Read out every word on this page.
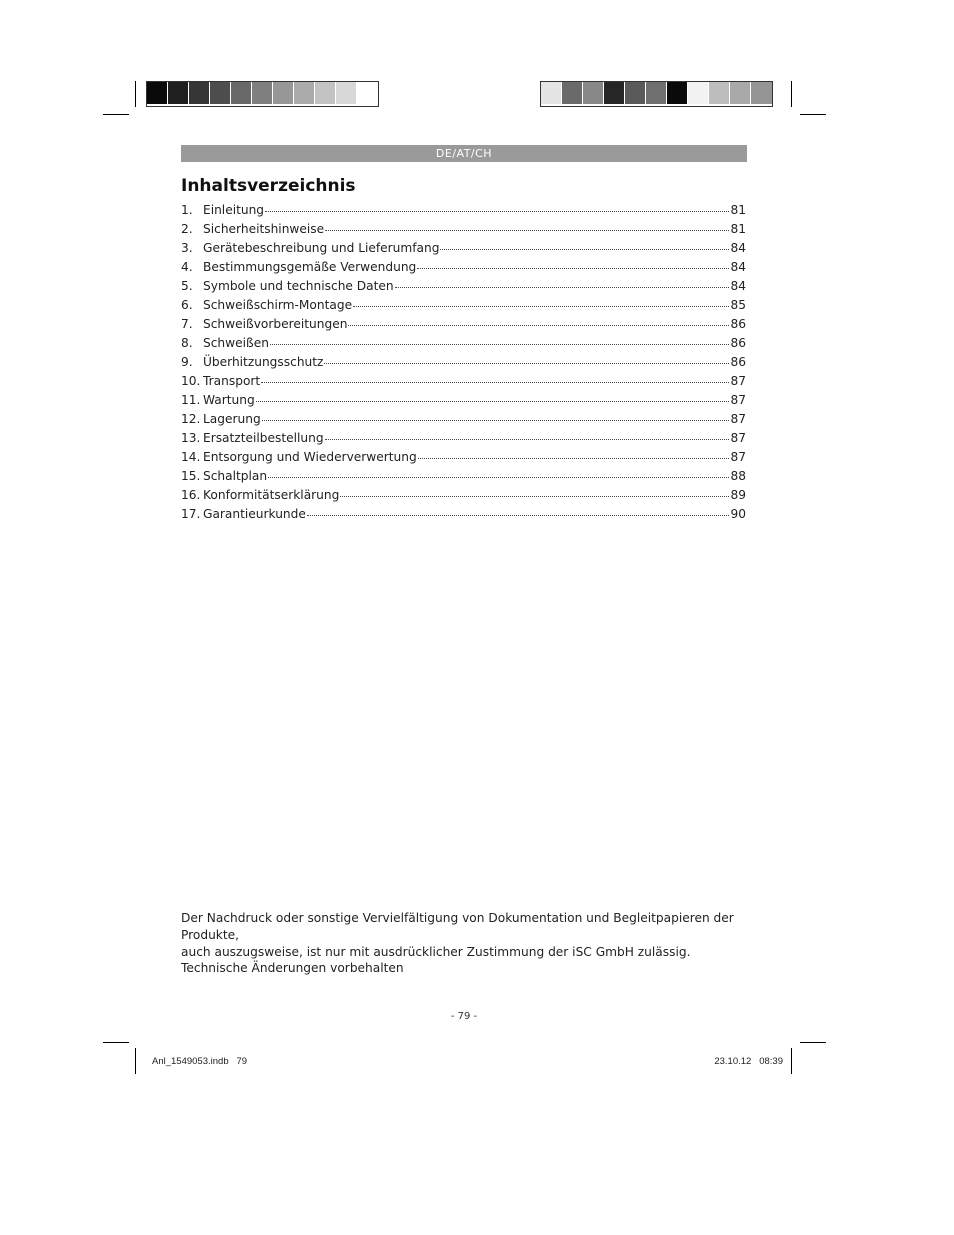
DE/AT/CH
Inhaltsverzeichnis
1. Einleitung	81
2. Sicherheitshinweise	81
3. Gerätebeschreibung und Lieferumfang	84
4. Bestimmungsgemäße Verwendung	84
5. Symbole und technische Daten	84
6. Schweißschirm-Montage	85
7. Schweißvorbereitungen	86
8. Schweißen	86
9. Überhitzungsschutz	86
10. Transport	87
11. Wartung	87
12. Lagerung	87
13. Ersatzteilbestellung	87
14. Entsorgung und Wiederverwertung	87
15. Schaltplan	88
16. Konformitätserklärung	89
17. Garantieurkunde	90
Der Nachdruck oder sonstige Vervielfältigung von Dokumentation und Begleitpapieren der Produkte,
auch auszugsweise, ist nur mit ausdrücklicher Zustimmung der iSC GmbH zulässig.
Technische Änderungen vorbehalten
- 79 -
Anl_1549053.indb   79	23.10.12   08:39
